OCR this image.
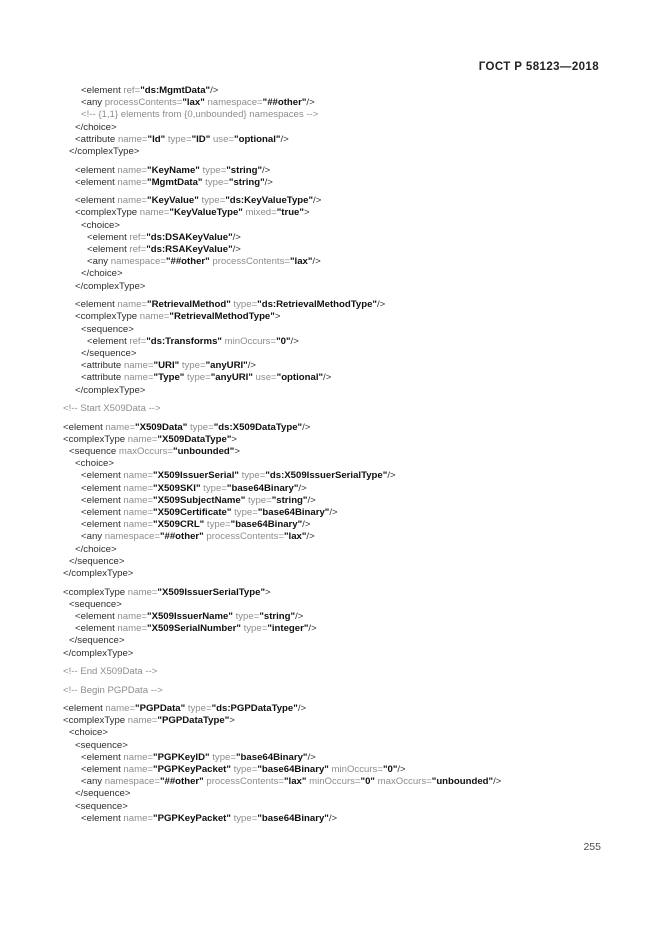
ГОСТ Р 58123—2018
<element ref="ds:MgmtData"/>
<any processContents="lax" namespace="##other"/>
<!-- {1,1} elements from {0,unbounded} namespaces -->
</choice>
<attribute name="Id" type="ID" use="optional"/>
</complexType>
<element name="KeyName" type="string"/>
<element name="MgmtData" type="string"/>
<element name="KeyValue" type="ds:KeyValueType"/>
<complexType name="KeyValueType" mixed="true">
<choice>
<element ref="ds:DSAKeyValue"/>
<element ref="ds:RSAKeyValue"/>
<any namespace="##other" processContents="lax"/>
</choice>
</complexType>
<element name="RetrievalMethod" type="ds:RetrievalMethodType"/>
<complexType name="RetrievalMethodType">
<sequence>
<element ref="ds:Transforms" minOccurs="0"/>
</sequence>
<attribute name="URI" type="anyURI"/>
<attribute name="Type" type="anyURI" use="optional"/>
</complexType>
<!-- Start X509Data -->
<element name="X509Data" type="ds:X509DataType"/>
<complexType name="X509DataType">
<sequence maxOccurs="unbounded">
<choice>
<element name="X509IssuerSerial" type="ds:X509IssuerSerialType"/>
<element name="X509SKI" type="base64Binary"/>
<element name="X509SubjectName" type="string"/>
<element name="X509Certificate" type="base64Binary"/>
<element name="X509CRL" type="base64Binary"/>
<any namespace="##other" processContents="lax"/>
</choice>
</sequence>
</complexType>
<complexType name="X509IssuerSerialType">
<sequence>
<element name="X509IssuerName" type="string"/>
<element name="X509SerialNumber" type="integer"/>
</sequence>
</complexType>
<!-- End X509Data -->
<!-- Begin PGPData -->
<element name="PGPData" type="ds:PGPDataType"/>
<complexType name="PGPDataType">
<choice>
<sequence>
<element name="PGPKeyID" type="base64Binary"/>
<element name="PGPKeyPacket" type="base64Binary" minOccurs="0"/>
<any namespace="##other" processContents="lax" minOccurs="0" maxOccurs="unbounded"/>
</sequence>
<sequence>
<element name="PGPKeyPacket" type="base64Binary"/>
255
